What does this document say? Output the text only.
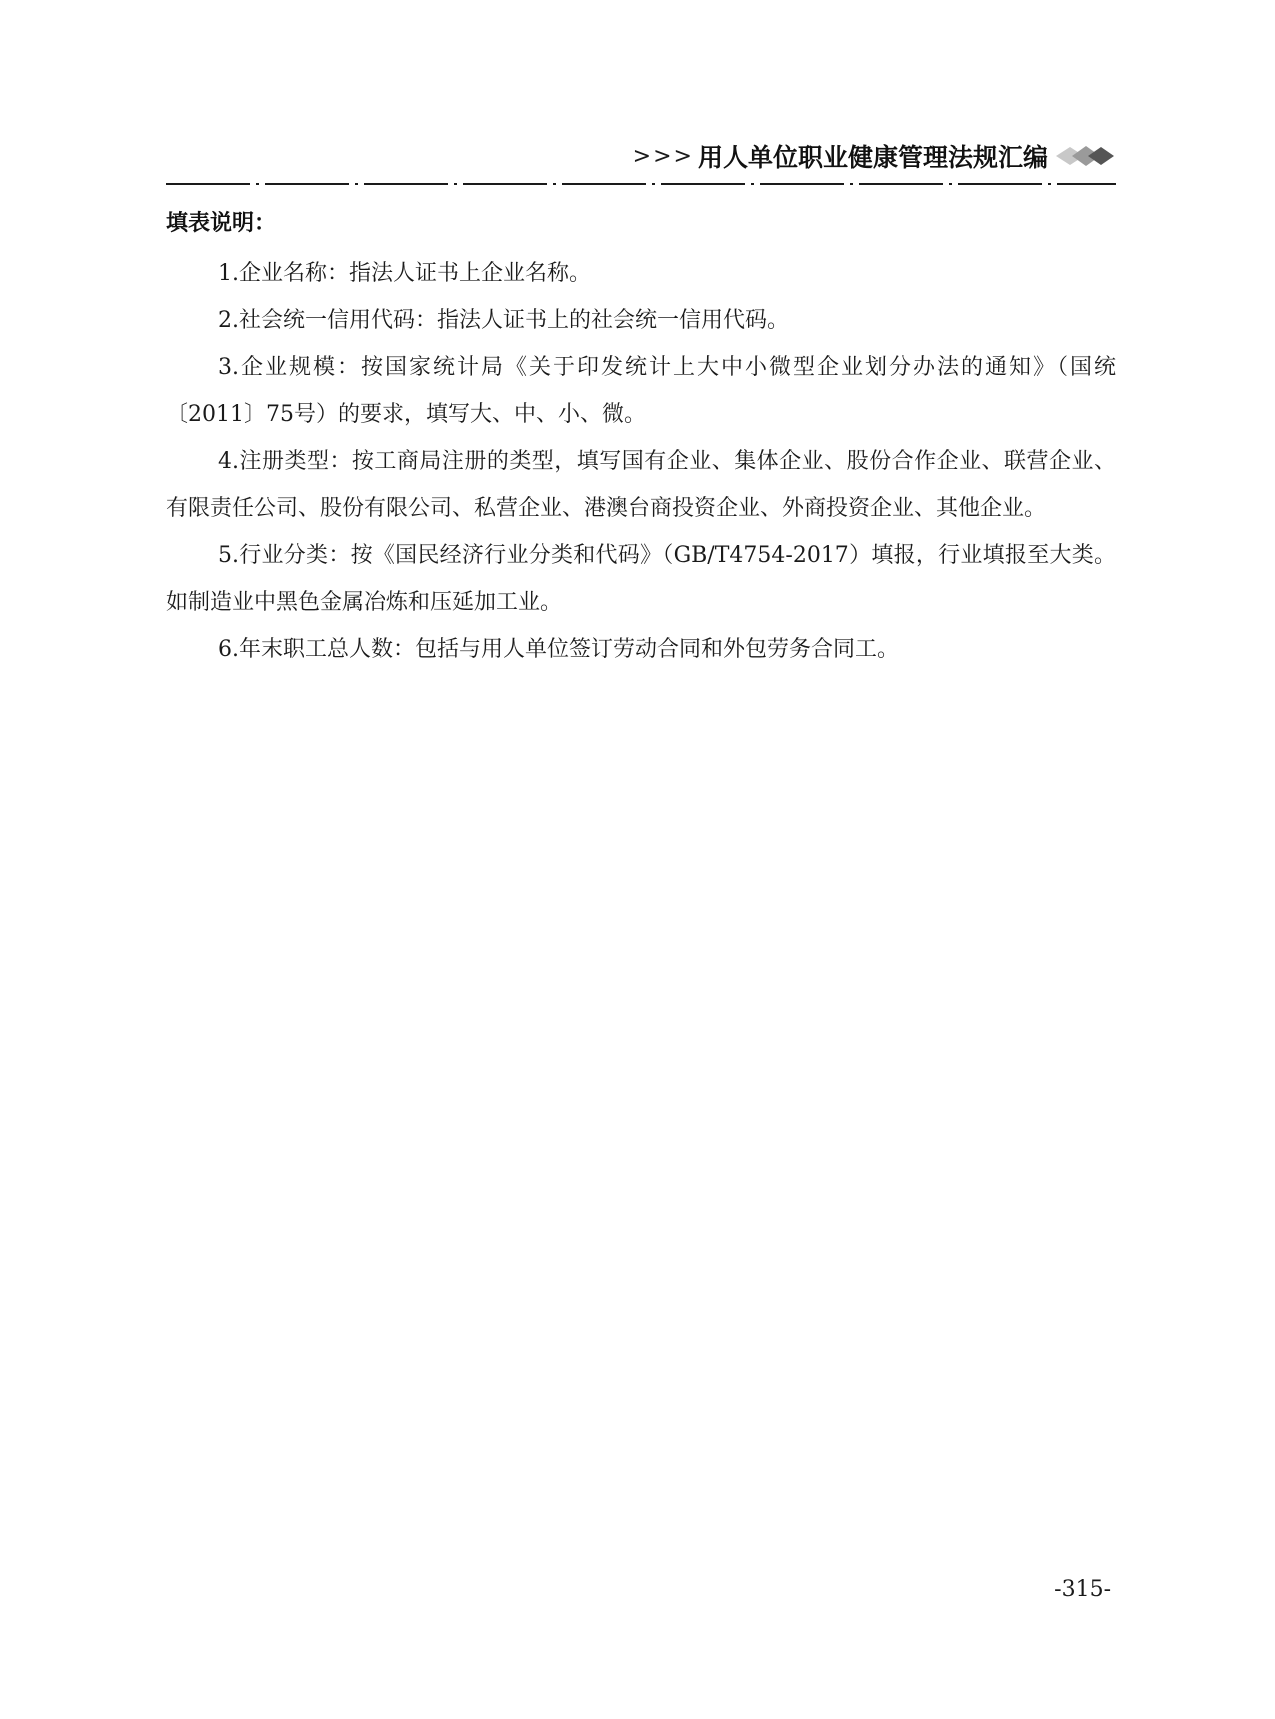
>>> 用人单位职业健康管理法规汇编
填表说明：

1.企业名称：指法人证书上企业名称。

2.社会统一信用代码：指法人证书上的社会统一信用代码。

3.企业规模：按国家统计局《关于印发统计上大中小微型企业划分办法的通知》（国统〔2011〕75号）的要求，填写大、中、小、微。

4.注册类型：按工商局注册的类型，填写国有企业、集体企业、股份合作企业、联营企业、有限责任公司、股份有限公司、私营企业、港澳台商投资企业、外商投资企业、其他企业。

5.行业分类：按《国民经济行业分类和代码》（GB/T4754-2017）填报，行业填报至大类。如制造业中黑色金属冶炼和压延加工业。

6.年末职工总人数：包括与用人单位签订劳动合同和外包劳务合同工。

-315-
